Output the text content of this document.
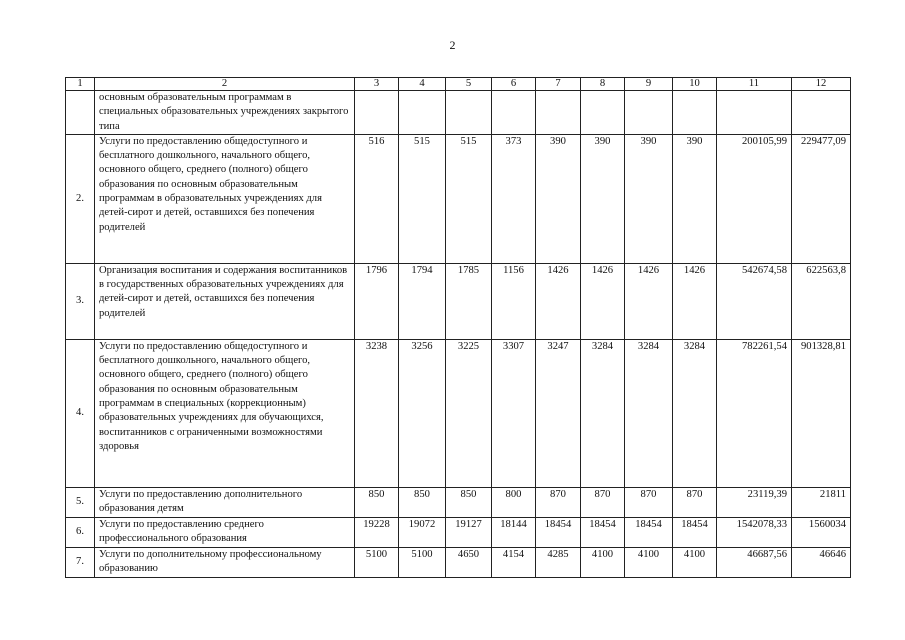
2
1	2	3	4	5	6	7	8	9	10	11	12
	основным образовательным программам в специальных образовательных учреждениях закрытого типа										
2.	Услуги по предоставлению общедоступного и бесплатного дошкольного, начального общего, основного общего, среднего (полного) общего образования по основным образовательным программам в образовательных учреждениях для детей-сирот и детей, оставшихся без попечения родителей	516	515	515	373	390	390	390	390	200105,99	229477,09
3.	Организация воспитания и содержания воспитанников в государственных образовательных учреждениях для детей-сирот и детей, оставшихся без попечения родителей	1796	1794	1785	1156	1426	1426	1426	1426	542674,58	622563,8
4.	Услуги по предоставлению общедоступного и бесплатного дошкольного, начального общего, основного общего, среднего (полного) общего образования по основным образовательным программам в специальных (коррекционным) образовательных учреждениях для обучающихся, воспитанников с ограниченными возможностями здоровья	3238	3256	3225	3307	3247	3284	3284	3284	782261,54	901328,81
5.	Услуги по предоставлению дополнительного образования детям	850	850	850	800	870	870	870	870	23119,39	21811
6.	Услуги по предоставлению среднего профессионального образования	19228	19072	19127	18144	18454	18454	18454	18454	1542078,33	1560034
7.	Услуги по дополнительному профессиональному образованию	5100	5100	4650	4154	4285	4100	4100	4100	46687,56	46646
